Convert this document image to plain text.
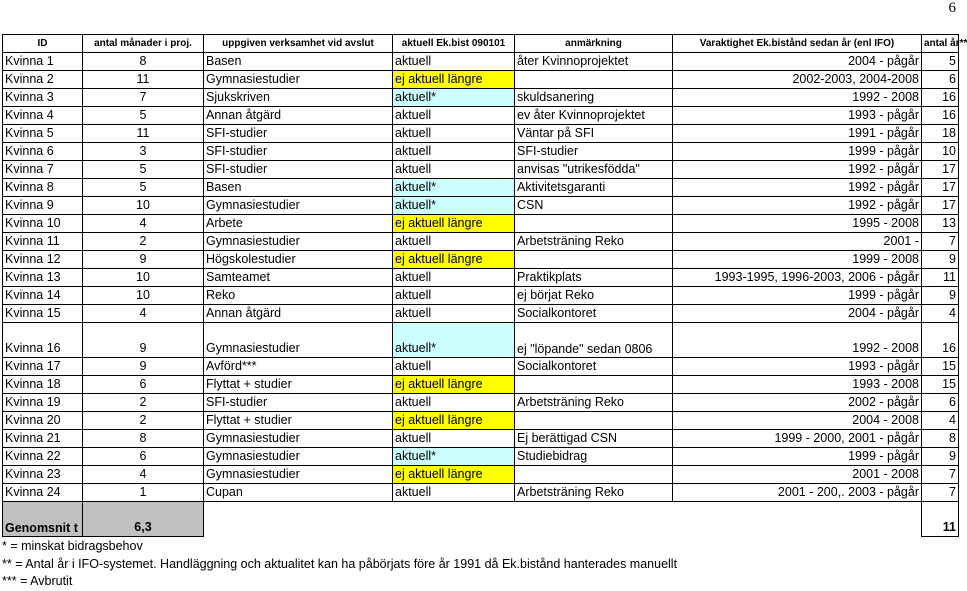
6
ID	antal månader i proj.	uppgiven verksamhet vid avslut	aktuell Ek.bist 090101	anmärkning	Varaktighet Ek.bistånd sedan år (enl IFO)	antal år**
Kvinna 1	8	Basen	aktuell	åter Kvinnoprojektet	2004 - pågår	5
Kvinna 2	11	Gymnasiestudier	ej aktuell längre		2002-2003, 2004-2008	6
Kvinna 3	7	Sjukskriven	aktuell*	skuldsanering	1992 - 2008	16
Kvinna 4	5	Annan åtgärd	aktuell	ev åter Kvinnoprojektet	1993 - pågår	16
Kvinna 5	11	SFI-studier	aktuell	Väntar på SFI	1991 - pågår	18
Kvinna 6	3	SFI-studier	aktuell	SFI-studier	1999 - pågår	10
Kvinna 7	5	SFI-studier	aktuell	anvisas "utrikesfödda"	1992 - pågår	17
Kvinna 8	5	Basen	aktuell*	Aktivitetsgaranti	1992 - pågår	17
Kvinna 9	10	Gymnasiestudier	aktuell*	CSN	1992 - pågår	17
Kvinna 10	4	Arbete	ej aktuell längre		1995 - 2008	13
Kvinna 11	2	Gymnasiestudier	aktuell	Arbetsträning Reko	2001 -	7
Kvinna 12	9	Högskolestudier	ej aktuell längre		1999 - 2008	9
Kvinna 13	10	Samteamet	aktuell	Praktikplats	1993-1995, 1996-2003, 2006 - pågår	11
Kvinna 14	10	Reko	aktuell	ej börjat Reko	1999 - pågår	9
Kvinna 15	4	Annan åtgärd	aktuell	Socialkontoret	2004 - pågår	4
Kvinna 16	9	Gymnasiestudier	aktuell*	ej "löpande" sedan 0806	1992 - 2008	16
Kvinna 17	9	Avförd***	aktuell	Socialkontoret	1993 - pågår	15
Kvinna 18	6	Flyttat + studier	ej aktuell längre		1993 - 2008	15
Kvinna 19	2	SFI-studier	aktuell	Arbetsträning Reko	2002 - pågår	6
Kvinna 20	2	Flyttat + studier	ej aktuell längre		2004 - 2008	4
Kvinna 21	8	Gymnasiestudier	aktuell	Ej berättigad CSN	1999 - 2000, 2001 - pågår	8
Kvinna 22	6	Gymnasiestudier	aktuell*	Studiebidrag	1999 - pågår	9
Kvinna 23	4	Gymnasiestudier	ej aktuell längre		2001 - 2008	7
Kvinna 24	1	Cupan	aktuell	Arbetsträning Reko	2001 - 200,. 2003 - pågår	7
Genomsnit t	6,3					11
* = minskat bidragsbehov
** = Antal år i IFO-systemet. Handläggning och aktualitet kan ha påbörjats före år 1991 då Ek.bistånd hanterades manuellt
*** = Avbrutit
